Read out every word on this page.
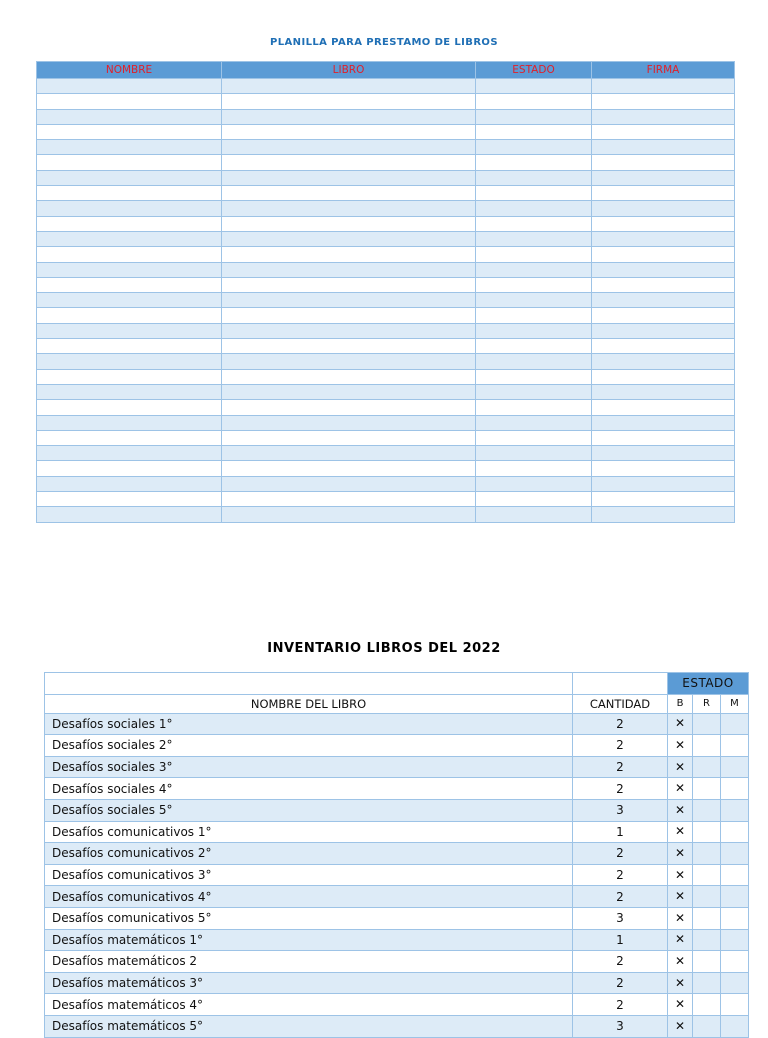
PLANILLA PARA PRESTAMO DE LIBROS
NOMBRE	LIBRO	ESTADO	FIRMA

INVENTARIO LIBROS DEL 2022
		ESTADO		
NOMBRE DEL LIBRO	CANTIDAD	B	R	M
Desafíos sociales 1°	2	✕		
Desafíos sociales 2°	2	✕		
Desafíos sociales 3°	2	✕		
Desafíos sociales 4°	2	✕		
Desafíos sociales 5°	3	✕		
Desafíos comunicativos 1°	1	✕		
Desafíos comunicativos 2°	2	✕		
Desafíos comunicativos 3°	2	✕		
Desafíos comunicativos 4°	2	✕		
Desafíos comunicativos 5°	3	✕		
Desafíos matemáticos 1°	1	✕		
Desafíos matemáticos 2	2	✕		
Desafíos matemáticos 3°	2	✕		
Desafíos matemáticos 4°	2	✕		
Desafíos matemáticos 5°	3	✕		
